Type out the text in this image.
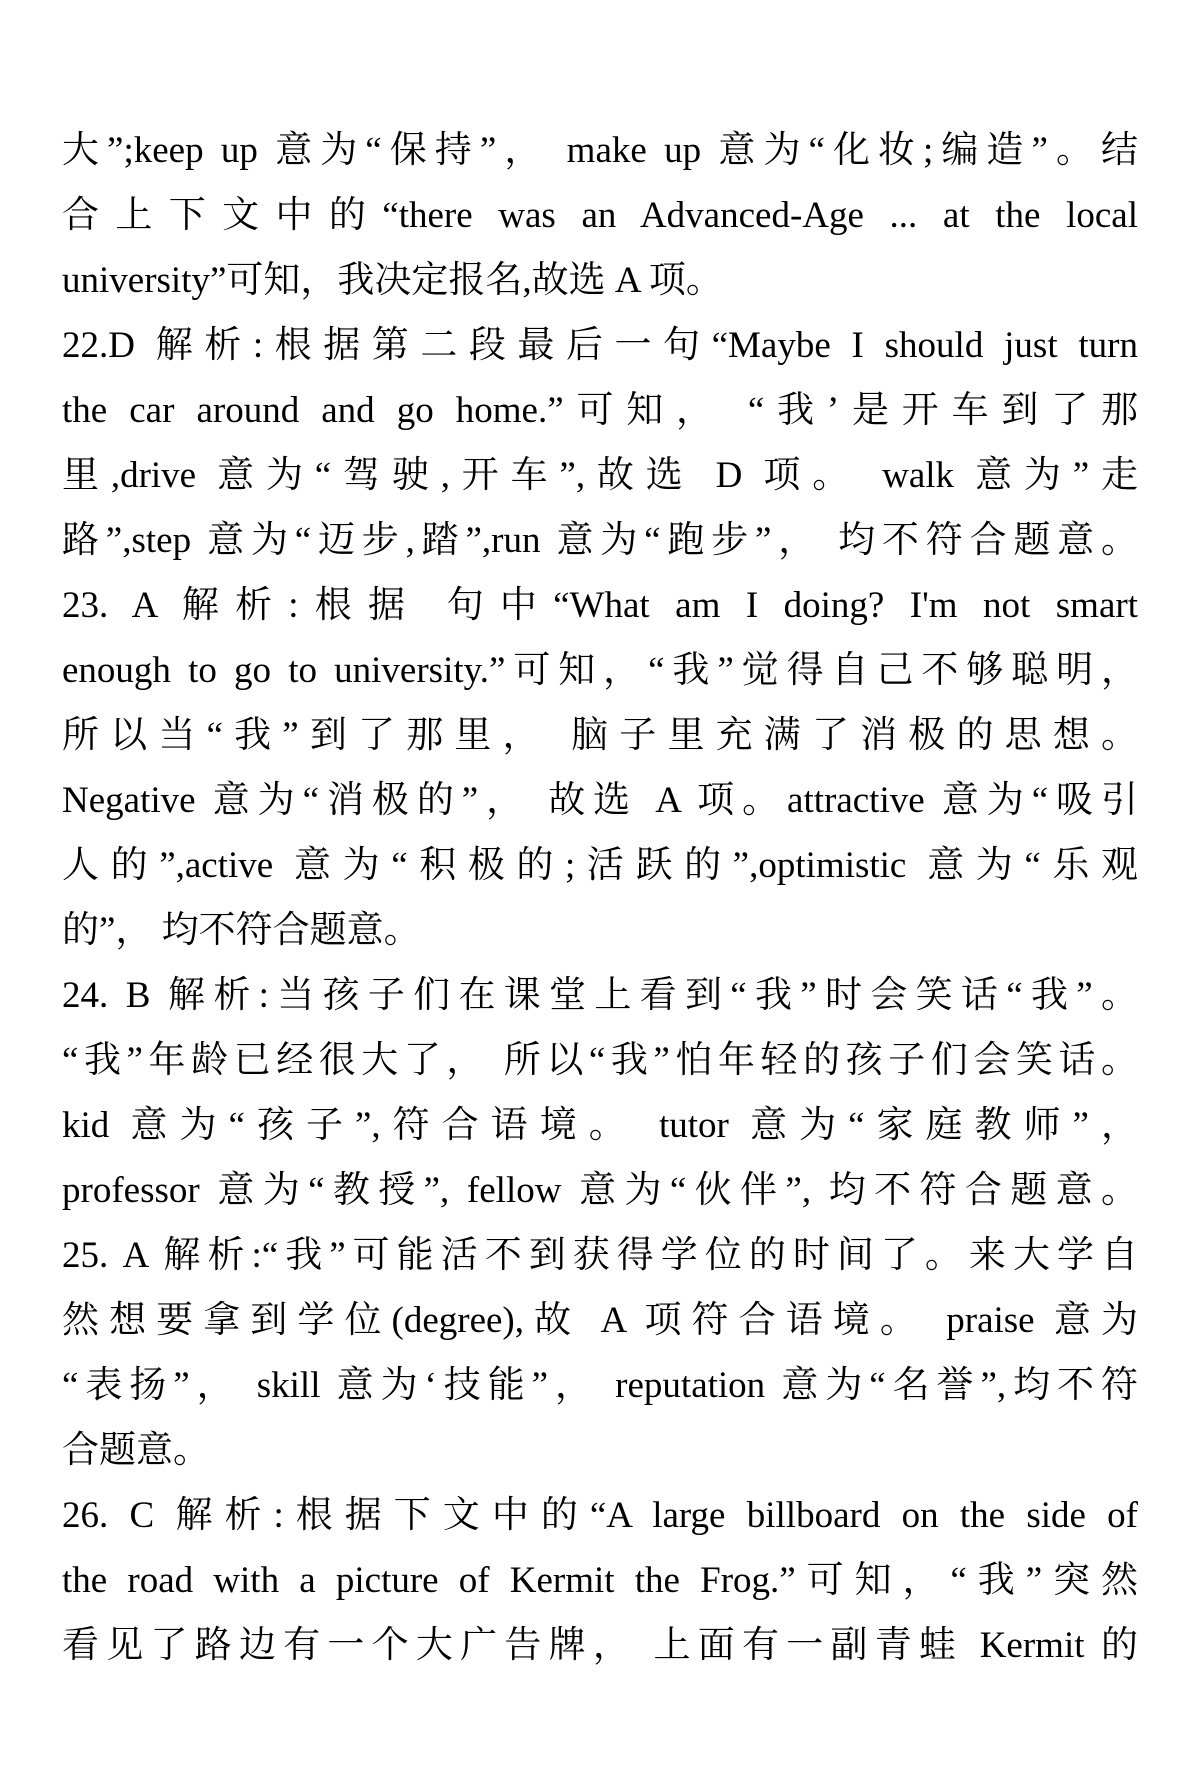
大”;keep up 意为“保持”， make up 意为“化妆;编造”。结
合上下文中的“there was an Advanced-Age ... at the local
university”可知，我决定报名,故选 A 项。
22.D 解析:根据第二段最后一句“Maybe I should just turn
the car around and go home.”可知， “我’是开车到了那
里,drive 意为“驾驶,开车”,故选 D 项。 walk 意为”走
路”,step 意为“迈步,踏”,run 意为“跑步”， 均不符合题意。
23. A 解析:根据 句中“What am I doing? I'm not smart
enough to go to university.”可知，“我”觉得自己不够聪明，
所以当“我”到了那里， 脑子里充满了消极的思想。
Negative 意为“消极的”， 故选 A 项。attractive 意为“吸引
人的”,active 意为“积极的;活跃的”,optimistic 意为“乐观
的”， 均不符合题意。
24. B 解析:当孩子们在课堂上看到“我”时会笑话“我”。
“我”年龄已经很大了， 所以“我”怕年轻的孩子们会笑话。
kid 意为“孩子”,符合语境。 tutor 意为“家庭教师”，
professor 意为“教授”, fellow 意为“伙伴”, 均不符合题意。
25. A 解析:“我”可能活不到获得学位的时间了。来大学自
然想要拿到学位(degree),故 A 项符合语境。 praise 意为
“表扬”， skill 意为‘技能”， reputation 意为“名誉”,均不符
合题意。
26. C 解析:根据下文中的“A large billboard on the side of
the road with a picture of Kermit the Frog.”可知，“我”突然
看见了路边有一个大广告牌， 上面有一副青蛙 Kermit 的
